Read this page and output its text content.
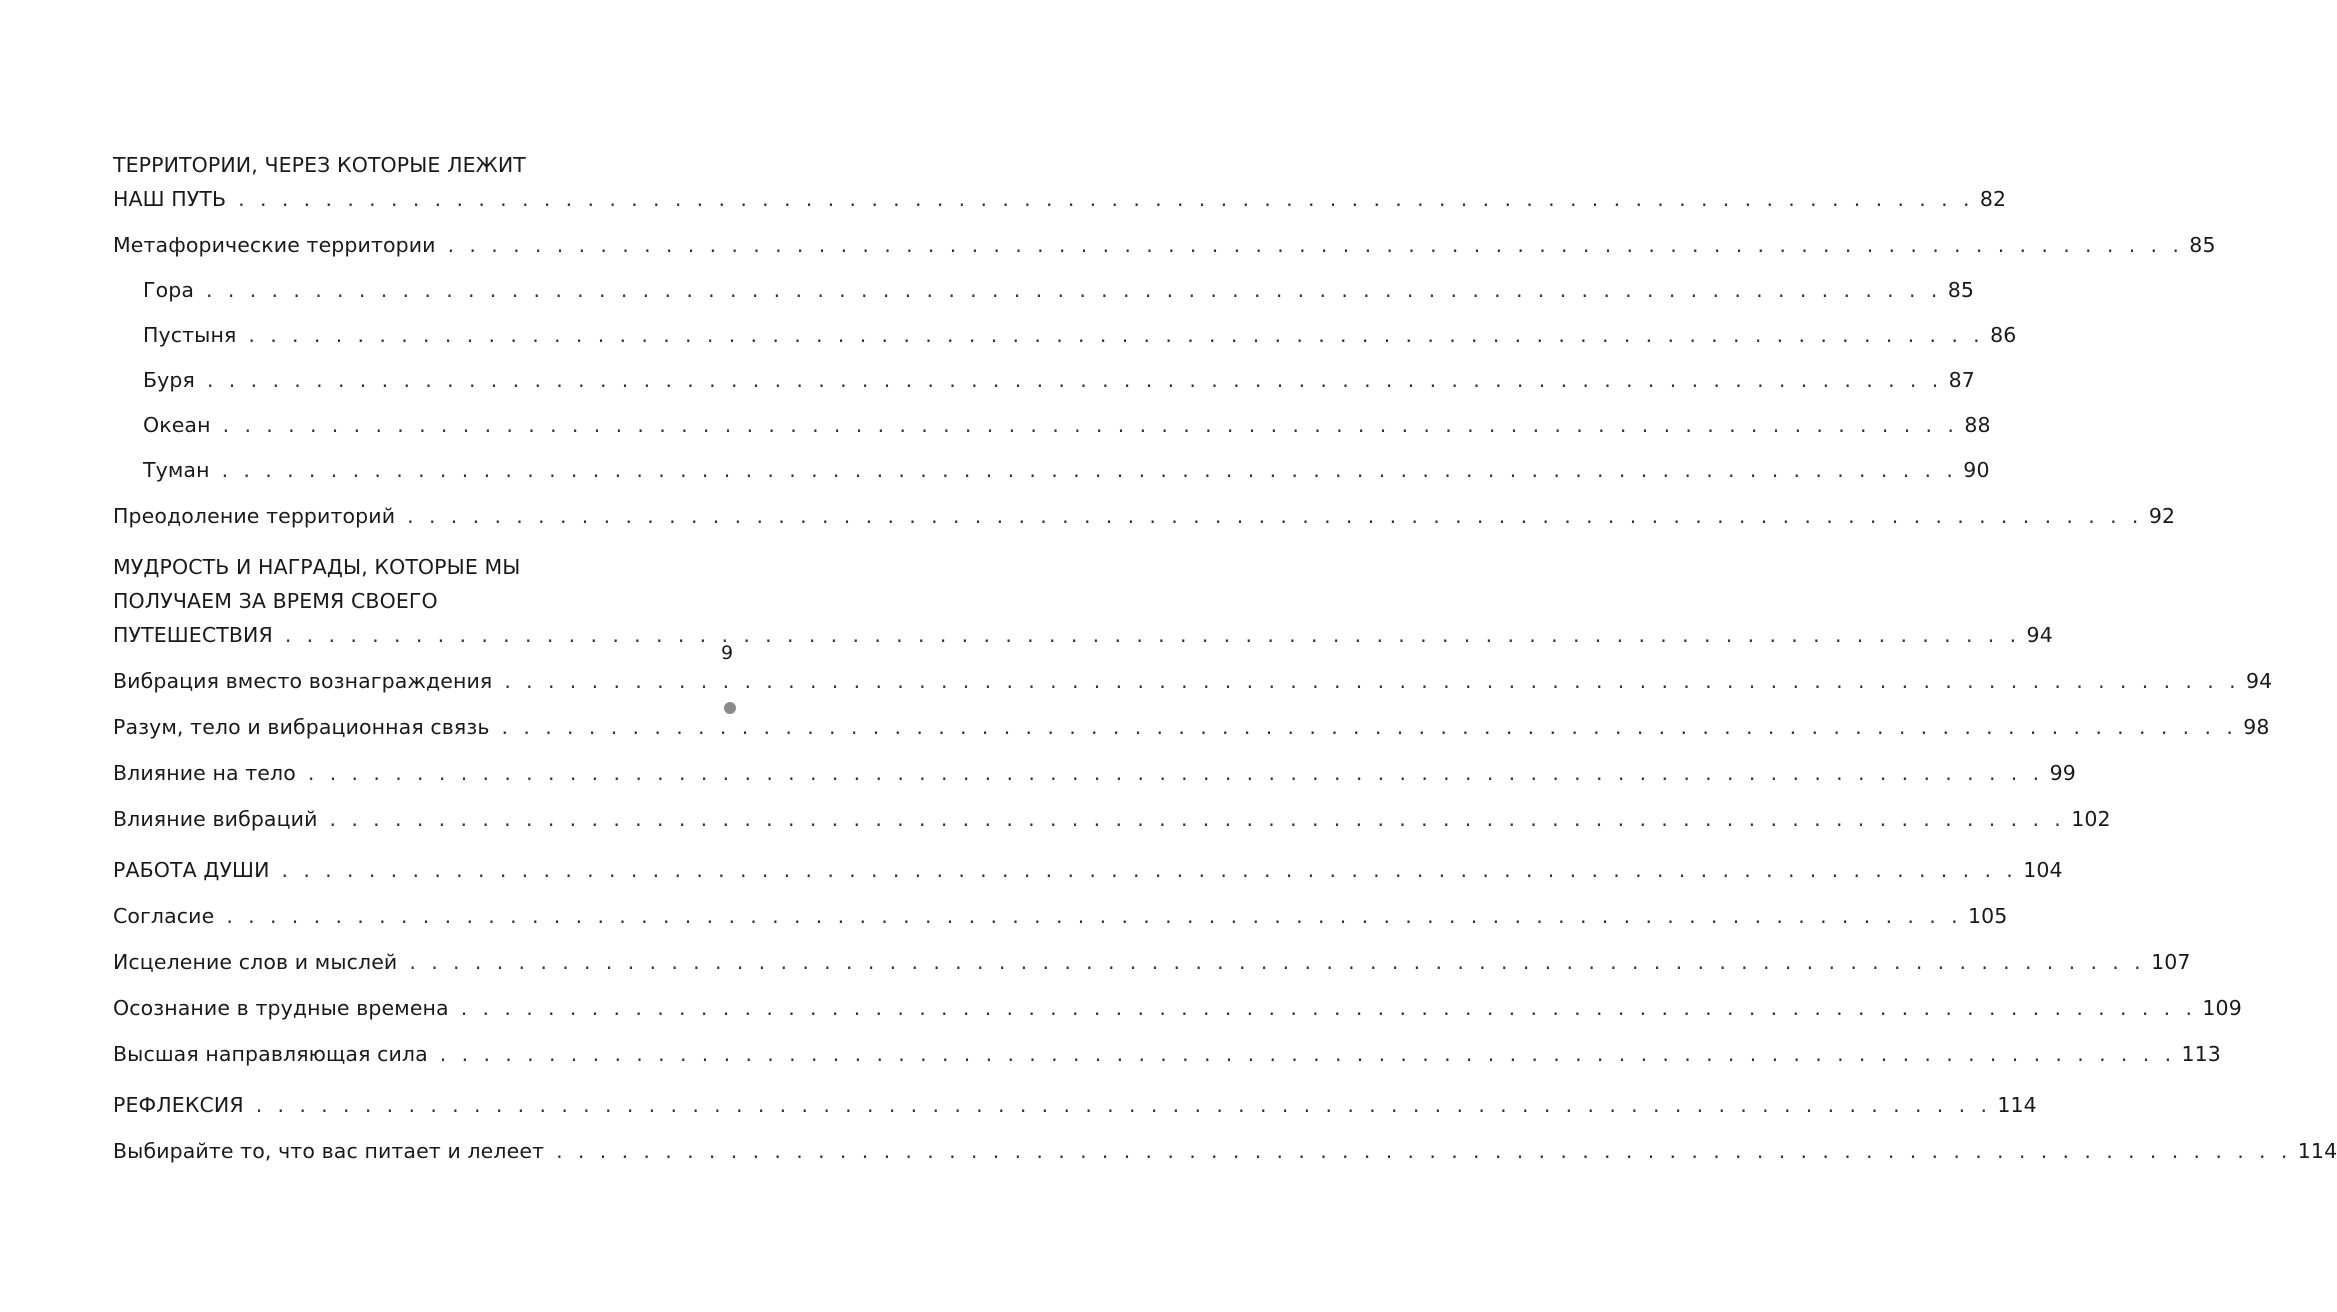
ТЕРРИТОРИИ, ЧЕРЕЗ КОТОРЫЕ ЛЕЖИТ
НАШ ПУТЬ . . . . . . . . . . . . . . . . . . . . . . . . . . . . . . . . . . . . . . . . . . . . . . . . . . . . . . . . . . . . . . . . . . . . . . . . . . . . . . . . 82
Метафорические территории . . . . . . . . . . . . . . . . . . . . . . . . . . . . . . . . . . . . . . . . . . . . . . . . . . . . . . . . . . . . . . . . . . . . . . . . . . . . . . . . 85
Гора . . . . . . . . . . . . . . . . . . . . . . . . . . . . . . . . . . . . . . . . . . . . . . . . . . . . . . . . . . . . . . . . . . . . . . . . . . . . . . . . 85
Пустыня . . . . . . . . . . . . . . . . . . . . . . . . . . . . . . . . . . . . . . . . . . . . . . . . . . . . . . . . . . . . . . . . . . . . . . . . . . . . . . . . 86
Буря . . . . . . . . . . . . . . . . . . . . . . . . . . . . . . . . . . . . . . . . . . . . . . . . . . . . . . . . . . . . . . . . . . . . . . . . . . . . . . . . 87
Океан . . . . . . . . . . . . . . . . . . . . . . . . . . . . . . . . . . . . . . . . . . . . . . . . . . . . . . . . . . . . . . . . . . . . . . . . . . . . . . . . 88
Туман . . . . . . . . . . . . . . . . . . . . . . . . . . . . . . . . . . . . . . . . . . . . . . . . . . . . . . . . . . . . . . . . . . . . . . . . . . . . . . . . 90
Преодоление территорий . . . . . . . . . . . . . . . . . . . . . . . . . . . . . . . . . . . . . . . . . . . . . . . . . . . . . . . . . . . . . . . . . . . . . . . . . . . . . . . . 92
МУДРОСТЬ И НАГРАДЫ, КОТОРЫЕ МЫ
ПОЛУЧАЕМ ЗА ВРЕМЯ СВОЕГО
ПУТЕШЕСТВИЯ . . . . . . . . . . . . . . . . . . . . . . . . . . . . . . . . . . . . . . . . . . . . . . . . . . . . . . . . . . . . . . . . . . . . . . . . . . . . . . . . 94
Вибрация вместо вознаграждения . . . . . . . . . . . . . . . . . . . . . . . . . . . . . . . . . . . . . . . . . . . . . . . . . . . . . . . . . . . . . . . . . . . . . . . . . . . . . . . . 94
Разум, тело и вибрационная связь . . . . . . . . . . . . . . . . . . . . . . . . . . . . . . . . . . . . . . . . . . . . . . . . . . . . . . . . . . . . . . . . . . . . . . . . . . . . . . . . 98
Влияние на тело . . . . . . . . . . . . . . . . . . . . . . . . . . . . . . . . . . . . . . . . . . . . . . . . . . . . . . . . . . . . . . . . . . . . . . . . . . . . . . . . 99
Влияние вибраций . . . . . . . . . . . . . . . . . . . . . . . . . . . . . . . . . . . . . . . . . . . . . . . . . . . . . . . . . . . . . . . . . . . . . . . . . . . . . . . . 102
РАБОТА ДУШИ . . . . . . . . . . . . . . . . . . . . . . . . . . . . . . . . . . . . . . . . . . . . . . . . . . . . . . . . . . . . . . . . . . . . . . . . . . . . . . . . 104
Согласие . . . . . . . . . . . . . . . . . . . . . . . . . . . . . . . . . . . . . . . . . . . . . . . . . . . . . . . . . . . . . . . . . . . . . . . . . . . . . . . . 105
Исцеление слов и мыслей . . . . . . . . . . . . . . . . . . . . . . . . . . . . . . . . . . . . . . . . . . . . . . . . . . . . . . . . . . . . . . . . . . . . . . . . . . . . . . . . 107
Осознание в трудные времена . . . . . . . . . . . . . . . . . . . . . . . . . . . . . . . . . . . . . . . . . . . . . . . . . . . . . . . . . . . . . . . . . . . . . . . . . . . . . . . . 109
Высшая направляющая сила . . . . . . . . . . . . . . . . . . . . . . . . . . . . . . . . . . . . . . . . . . . . . . . . . . . . . . . . . . . . . . . . . . . . . . . . . . . . . . . . 113
РЕФЛЕКСИЯ . . . . . . . . . . . . . . . . . . . . . . . . . . . . . . . . . . . . . . . . . . . . . . . . . . . . . . . . . . . . . . . . . . . . . . . . . . . . . . . . 114
Выбирайте то, что вас питает и лелеет . . . . . . . . . . . . . . . . . . . . . . . . . . . . . . . . . . . . . . . . . . . . . . . . . . . . . . . . . . . . . . . . . . . . . . . . . . . . . . . . 114
9
